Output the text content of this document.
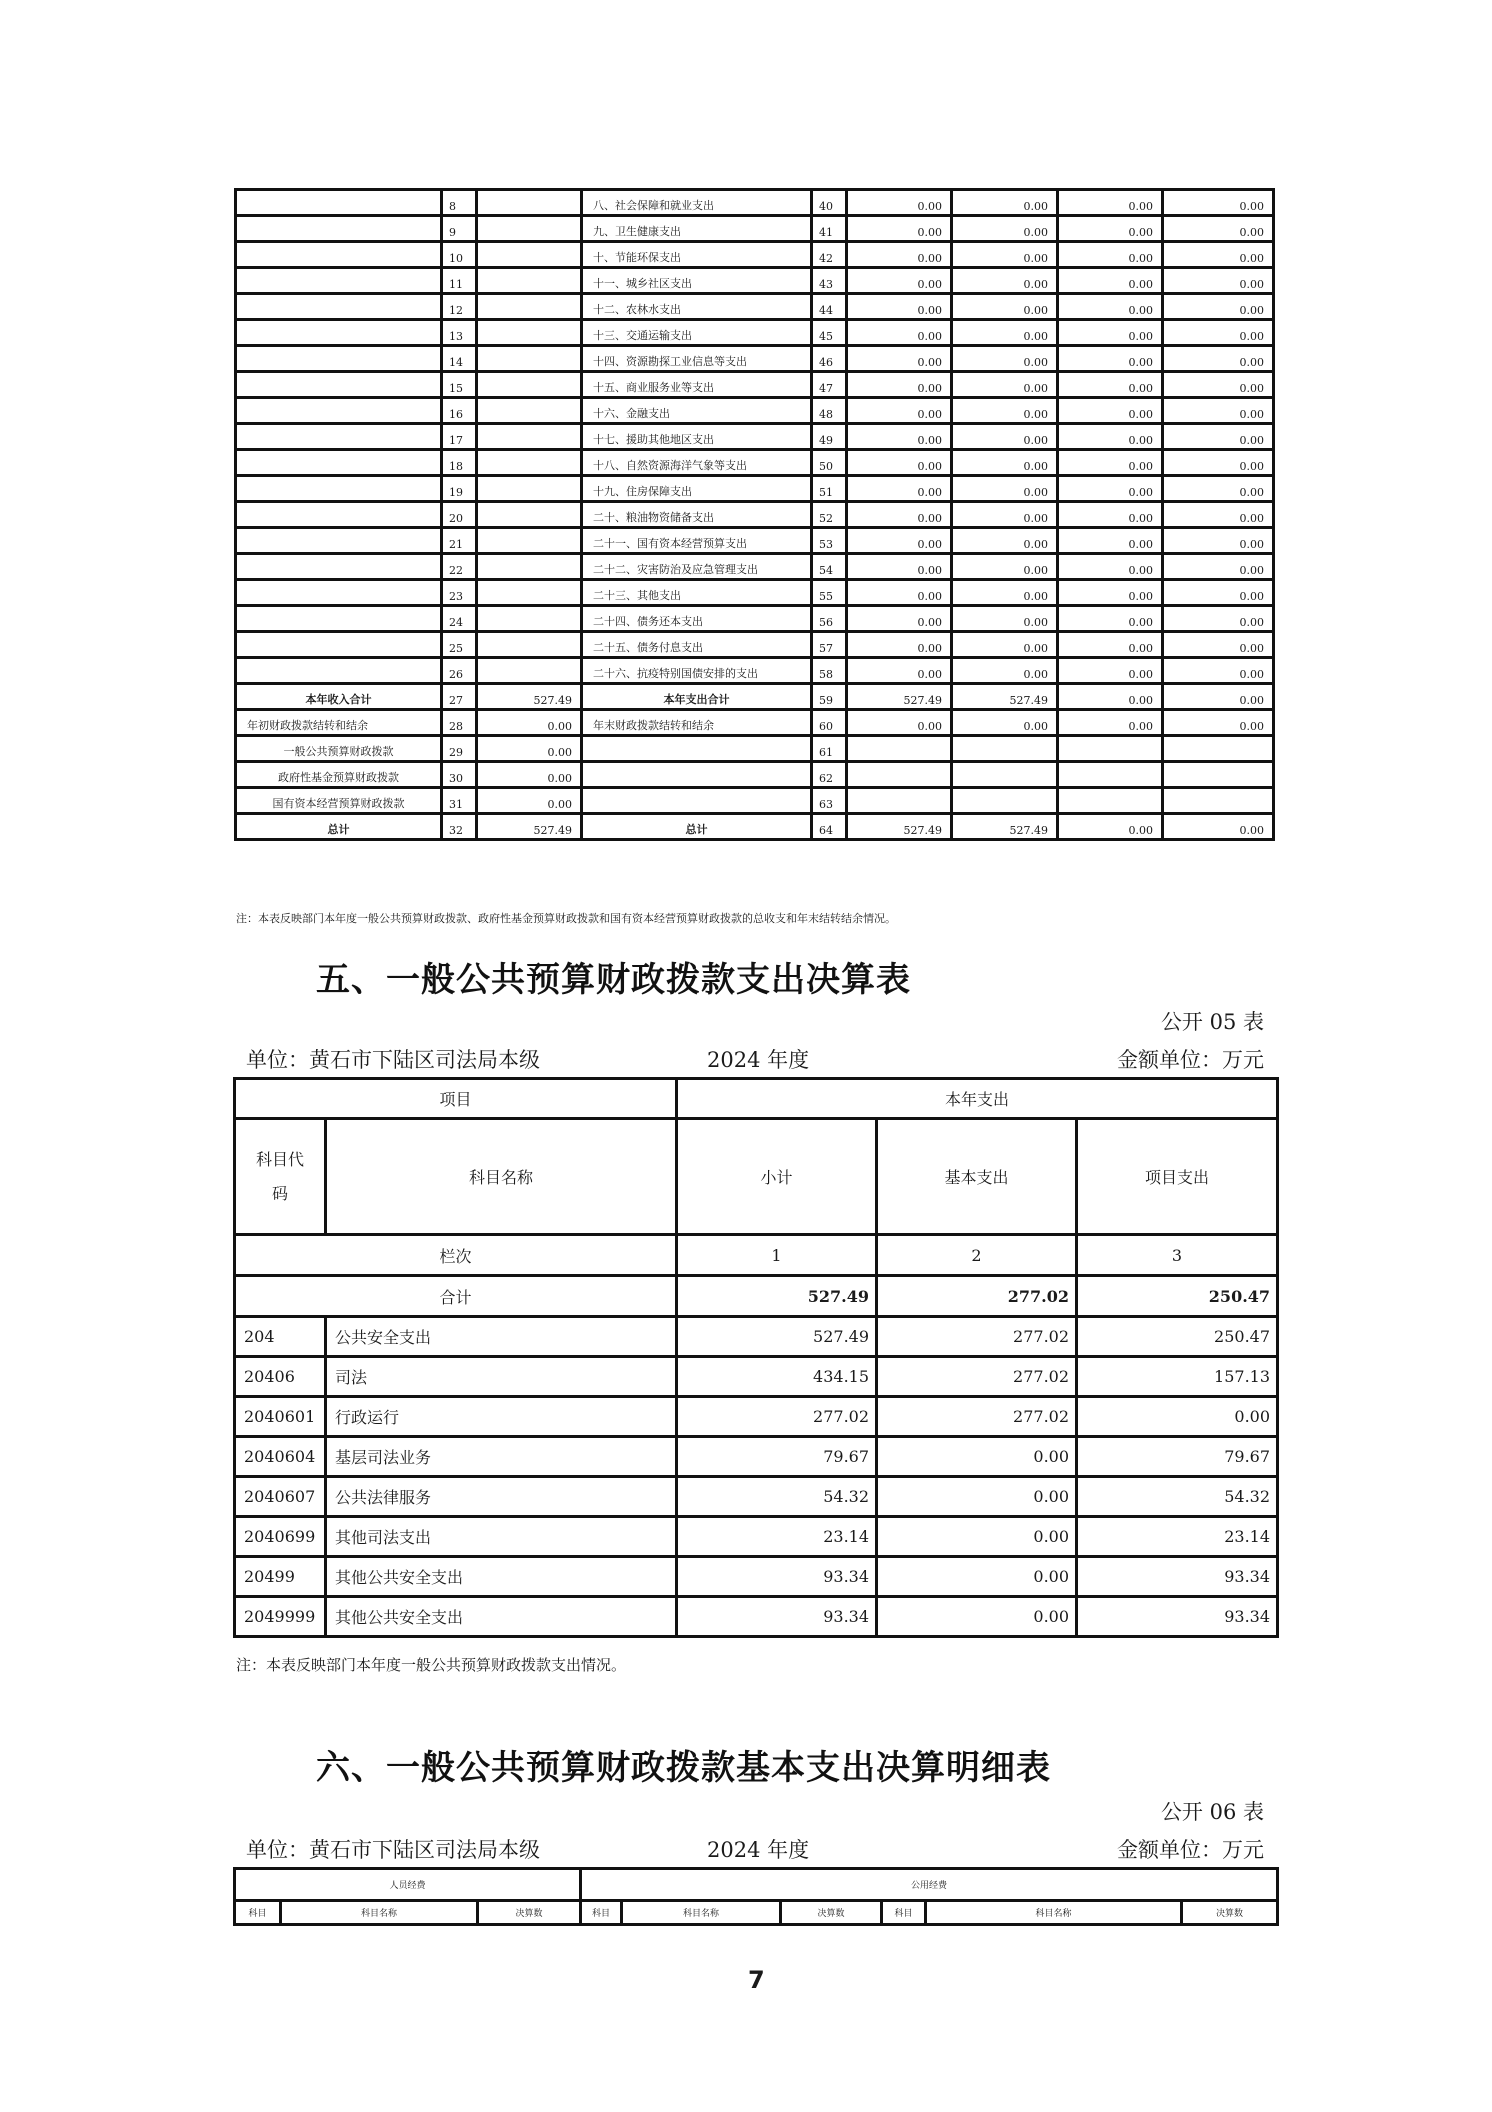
	8		八、社会保障和就业支出	40	0.00	0.00	0.00	0.00
	9		九、卫生健康支出	41	0.00	0.00	0.00	0.00
	10		十、节能环保支出	42	0.00	0.00	0.00	0.00
	11		十一、城乡社区支出	43	0.00	0.00	0.00	0.00
	12		十二、农林水支出	44	0.00	0.00	0.00	0.00
	13		十三、交通运输支出	45	0.00	0.00	0.00	0.00
	14		十四、资源勘探工业信息等支出	46	0.00	0.00	0.00	0.00
	15		十五、商业服务业等支出	47	0.00	0.00	0.00	0.00
	16		十六、金融支出	48	0.00	0.00	0.00	0.00
	17		十七、援助其他地区支出	49	0.00	0.00	0.00	0.00
	18		十八、自然资源海洋气象等支出	50	0.00	0.00	0.00	0.00
	19		十九、住房保障支出	51	0.00	0.00	0.00	0.00
	20		二十、粮油物资储备支出	52	0.00	0.00	0.00	0.00
	21		二十一、国有资本经营预算支出	53	0.00	0.00	0.00	0.00
	22		二十二、灾害防治及应急管理支出	54	0.00	0.00	0.00	0.00
	23		二十三、其他支出	55	0.00	0.00	0.00	0.00
	24		二十四、债务还本支出	56	0.00	0.00	0.00	0.00
	25		二十五、债务付息支出	57	0.00	0.00	0.00	0.00
	26		二十六、抗疫特别国债安排的支出	58	0.00	0.00	0.00	0.00
本年收入合计	27	527.49	本年支出合计	59	527.49	527.49	0.00	0.00
年初财政拨款结转和结余	28	0.00	年末财政拨款结转和结余	60	0.00	0.00	0.00	0.00
一般公共预算财政拨款	29	0.00		61				
政府性基金预算财政拨款	30	0.00		62				
国有资本经营预算财政拨款	31	0.00		63				
总计	32	527.49	总计	64	527.49	527.49	0.00	0.00
注：本表反映部门本年度一般公共预算财政拨款、政府性基金预算财政拨款和国有资本经营预算财政拨款的总收支和年末结转结余情况。
五、一般公共预算财政拨款支出决算表
公开 05 表
单位：黄石市下陆区司法局本级	2024 年度	金额单位：万元
项目		本年支出		
科目代码	科目名称	小计	基本支出	项目支出
栏次		1	2	3
合计		527.49	277.02	250.47
204	公共安全支出	527.49	277.02	250.47
20406	司法	434.15	277.02	157.13
2040601	行政运行	277.02	277.02	0.00
2040604	基层司法业务	79.67	0.00	79.67
2040607	公共法律服务	54.32	0.00	54.32
2040699	其他司法支出	23.14	0.00	23.14
20499	其他公共安全支出	93.34	0.00	93.34
2049999	其他公共安全支出	93.34	0.00	93.34
注：本表反映部门本年度一般公共预算财政拨款支出情况。
六、一般公共预算财政拨款基本支出决算明细表
公开 06 表
单位：黄石市下陆区司法局本级	2024 年度	金额单位：万元
人员经费			公用经费					
科目	科目名称	决算数	科目	科目名称	决算数	科目	科目名称	决算数
7
